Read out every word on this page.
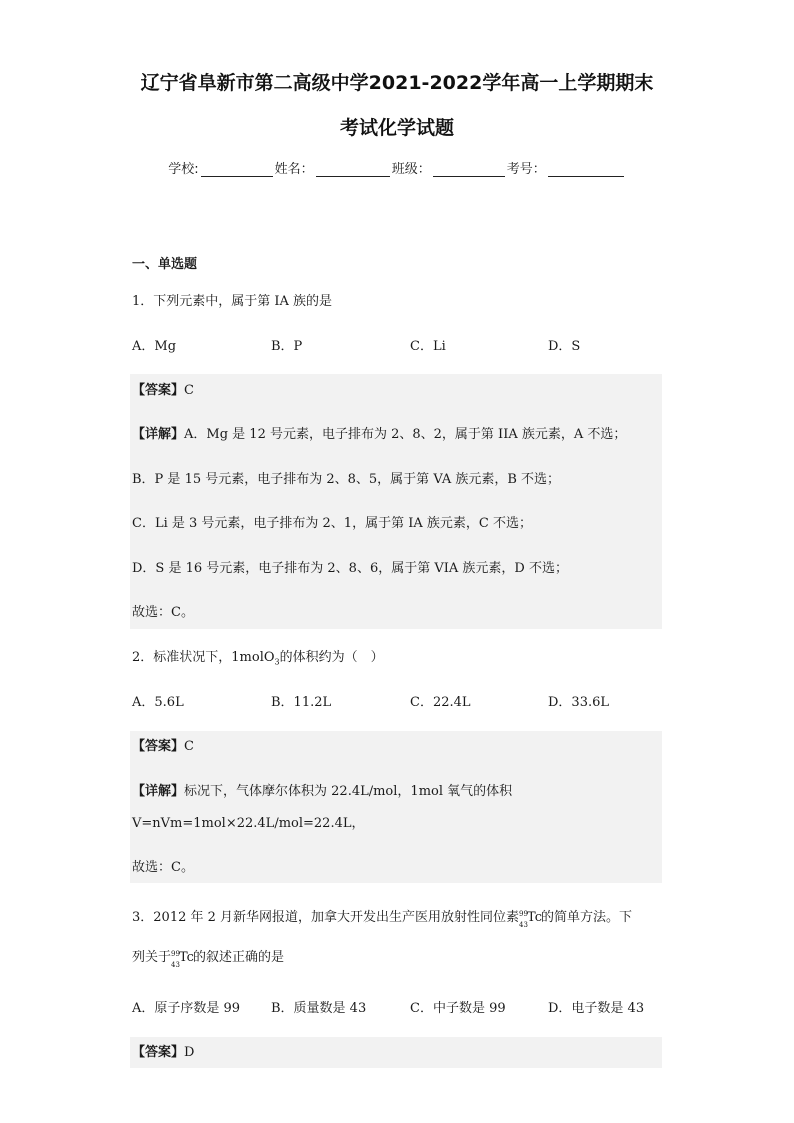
辽宁省阜新市第二高级中学2021-2022学年高一上学期期末
考试化学试题
学校:	姓名：	班级：	考号：
一、单选题
1．下列元素中，属于第 IA 族的是
A．Mg	B．P	C．Li	D．S
【答案】C
【详解】A．Mg 是 12 号元素，电子排布为 2、8、2，属于第 IIA 族元素，A 不选；
B．P 是 15 号元素，电子排布为 2、8、5，属于第 VA 族元素，B 不选；
C．Li 是 3 号元素，电子排布为 2、1，属于第 IA 族元素，C 不选；
D．S 是 16 号元素，电子排布为 2、8、6，属于第 VIA 族元素，D 不选；
故选：C。
2．标准状况下，1molO$_3$的体积约为（　）
A．5.6L	B．11.2L	C．22.4L	D．33.6L
【答案】C
【详解】标况下，气体摩尔体积为 22.4L/mol，1mol 氧气的体积
V=nVm=1mol×22.4L/mol=22.4L，
故选：C。
3．2012 年 2 月新华网报道，加拿大开发出生产医用放射性同位素 99
43 Tc 的简单方法。下
列关于 99
43 Tc 的叙述正确的是
A．原子序数是 99 B．质量数是 43	C．中子数是 99	D．电子数是 43
【答案】D
